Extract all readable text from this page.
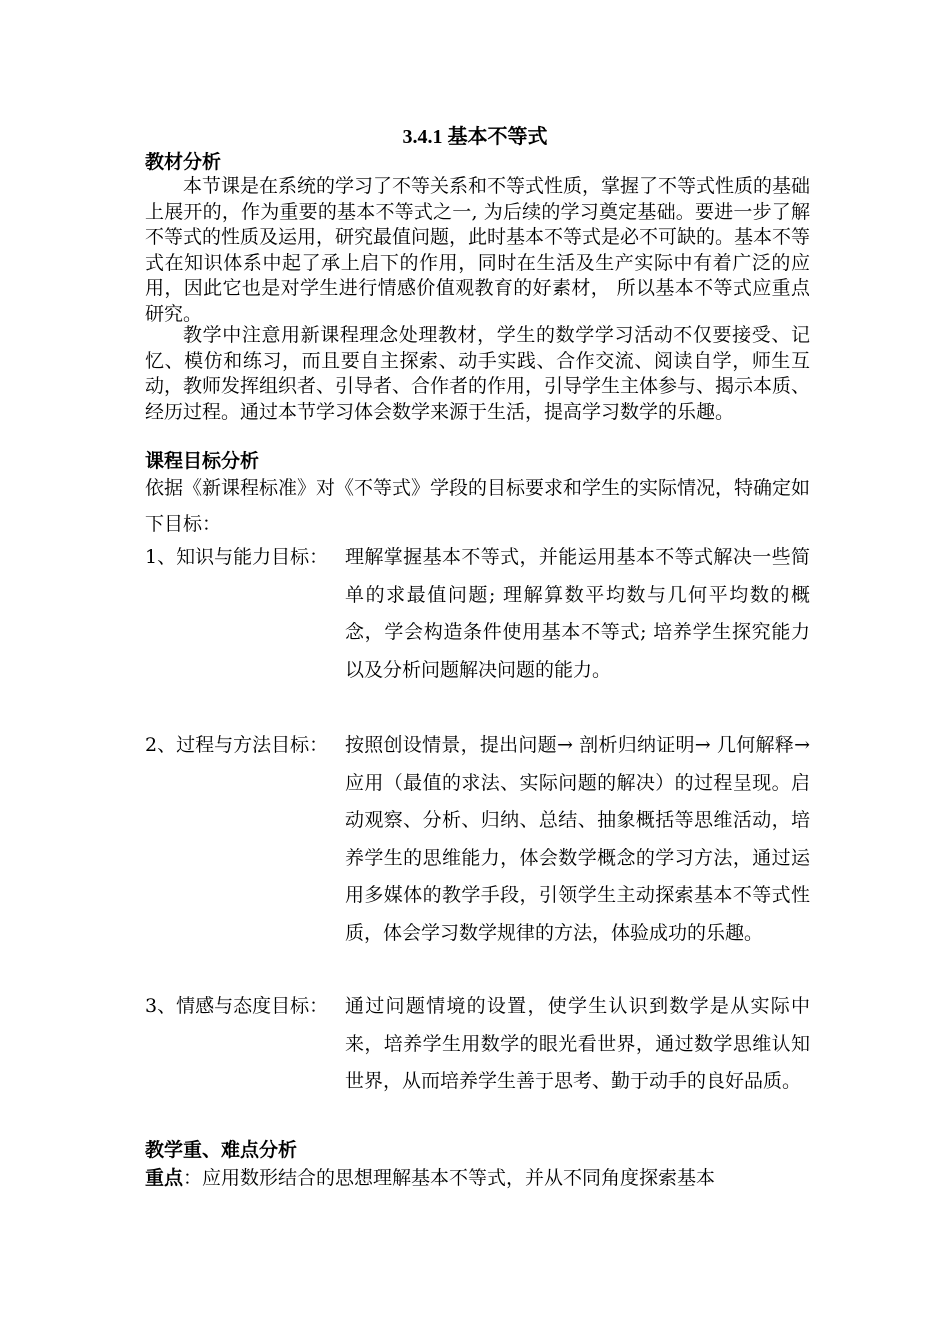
3.4.1 基本不等式
教材分析

本节课是在系统的学习了不等关系和不等式性质，掌握了不等式性质的基础上展开的，作为重要的基本不等式之一, 为后续的学习奠定基础。要进一步了解不等式的性质及运用，研究最值问题，此时基本不等式是必不可缺的。基本不等式在知识体系中起了承上启下的作用，同时在生活及生产实际中有着广泛的应用，因此它也是对学生进行情感价值观教育的好素材， 所以基本不等式应重点研究。

教学中注意用新课程理念处理教材，学生的数学学习活动不仅要接受、记忆、模仿和练习，而且要自主探索、动手实践、合作交流、阅读自学，师生互动，教师发挥组织者、引导者、合作者的作用，引导学生主体参与、揭示本质、经历过程。通过本节学习体会数学来源于生活，提高学习数学的乐趣。

课程目标分析

依据《新课程标准》对《不等式》学段的目标要求和学生的实际情况，特确定如下目标：

1、知识与能力目标： 理解掌握基本不等式，并能运用基本不等式解决一些简单的求最值问题; 理解算数平均数与几何平均数的概念，学会构造条件使用基本不等式; 培养学生探究能力以及分析问题解决问题的能力。
2、过程与方法目标： 按照创设情景，提出问题→ 剖析归纳证明→ 几何解释→ 应用（最值的求法、实际问题的解决）的过程呈现。启动观察、分析、归纳、总结、抽象概括等思维活动，培养学生的思维能力，体会数学概念的学习方法，通过运用多媒体的教学手段，引领学生主动探索基本不等式性质，体会学习数学规律的方法，体验成功的乐趣。
3、情感与态度目标： 通过问题情境的设置，使学生认识到数学是从实际中来，培养学生用数学的眼光看世界，通过数学思维认知世界，从而培养学生善于思考、勤于动手的良好品质。
教学重、难点分析
重点：应用数形结合的思想理解基本不等式，并从不同角度探索基本
